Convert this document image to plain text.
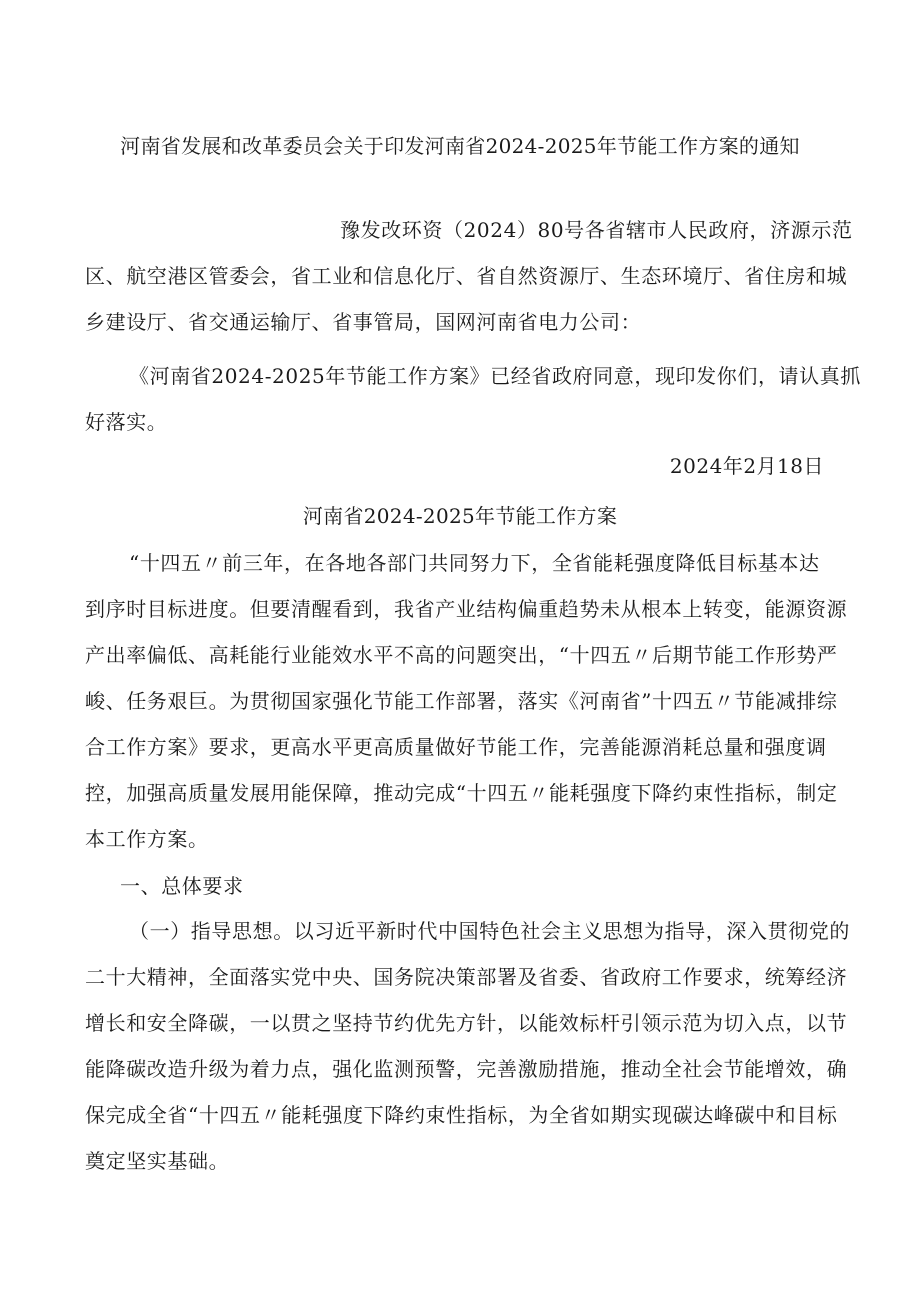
河南省发展和改革委员会关于印发河南省2024-2025年节能工作方案的通知
豫发改环资（2024）80号各省辖市人民政府，济源示范
区、航空港区管委会，省工业和信息化厅、省自然资源厅、生态环境厅、省住房和城
乡建设厅、省交通运输厅、省事管局，国网河南省电力公司：
《河南省2024-2025年节能工作方案》已经省政府同意，现印发你们，请认真抓
好落实。
2024年2月18日
河南省2024-2025年节能工作方案
“十四五〃前三年，在各地各部门共同努力下，全省能耗强度降低目标基本达
到序时目标进度。但要清醒看到，我省产业结构偏重趋势未从根本上转变，能源资源
产出率偏低、高耗能行业能效水平不高的问题突出，“十四五〃后期节能工作形势严
峻、任务艰巨。为贯彻国家强化节能工作部署，落实《河南省”十四五〃节能减排综
合工作方案》要求，更高水平更高质量做好节能工作，完善能源消耗总量和强度调
控，加强高质量发展用能保障，推动完成“十四五〃能耗强度下降约束性指标，制定
本工作方案。
一、总体要求
（一）指导思想。以习近平新时代中国特色社会主义思想为指导，深入贯彻党的
二十大精神，全面落实党中央、国务院决策部署及省委、省政府工作要求，统筹经济
增长和安全降碳，一以贯之坚持节约优先方针，以能效标杆引领示范为切入点，以节
能降碳改造升级为着力点，强化监测预警，完善激励措施，推动全社会节能增效，确
保完成全省“十四五〃能耗强度下降约束性指标，为全省如期实现碳达峰碳中和目标
奠定坚实基础。
